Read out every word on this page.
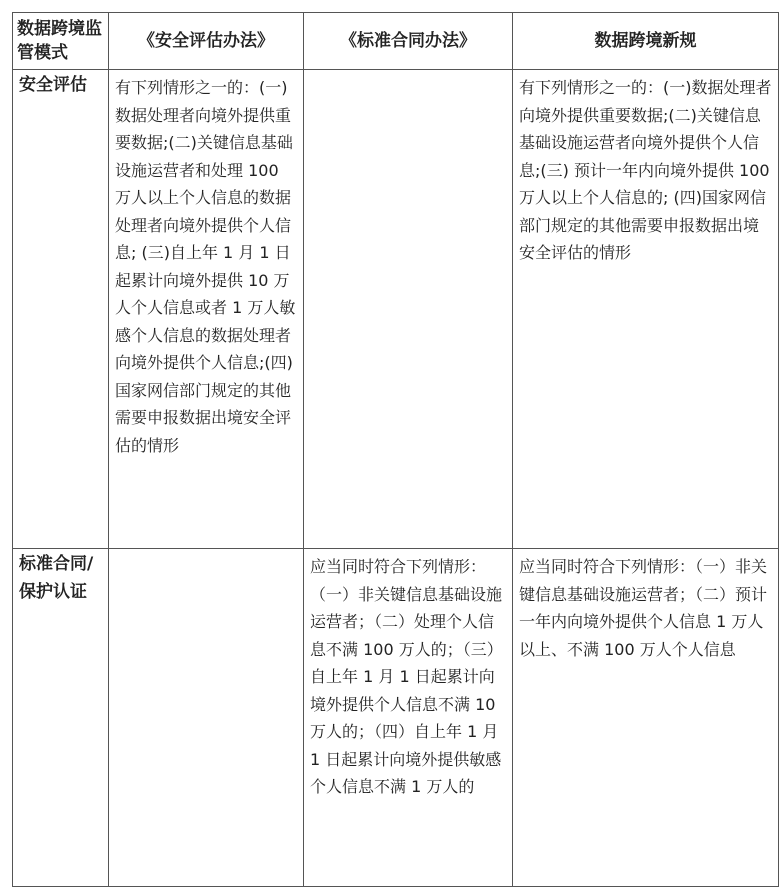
数据跨境监管模式	《安全评估办法》	《标准合同办法》	数据跨境新规
安全评估	有下列情形之一的：(一)数据处理者向境外提供重要数据;(二)关键信息基础设施运营者和处理 100 万人以上个人信息的数据处理者向境外提供个人信息; (三)自上年 1 月 1 日起累计向境外提供 10 万人个人信息或者 1 万人敏感个人信息的数据处理者向境外提供个人信息;(四)国家网信部门规定的其他需要申报数据出境安全评估的情形		有下列情形之一的：(一)数据处理者向境外提供重要数据;(二)关键信息基础设施运营者向境外提供个人信息;(三) 预计一年内向境外提供 100 万人以上个人信息的; (四)国家网信部门规定的其他需要申报数据出境安全评估的情形
标准合同/保护认证		应当同时符合下列情形：（一）非关键信息基础设施运营者；（二）处理个人信息不满 100 万人的；（三）自上年 1 月 1 日起累计向境外提供个人信息不满 10 万人的；（四）自上年 1 月 1 日起累计向境外提供敏感个人信息不满 1 万人的	应当同时符合下列情形：（一）非关键信息基础设施运营者；（二）预计一年内向境外提供个人信息 1 万人以上、不满 100 万人个人信息
